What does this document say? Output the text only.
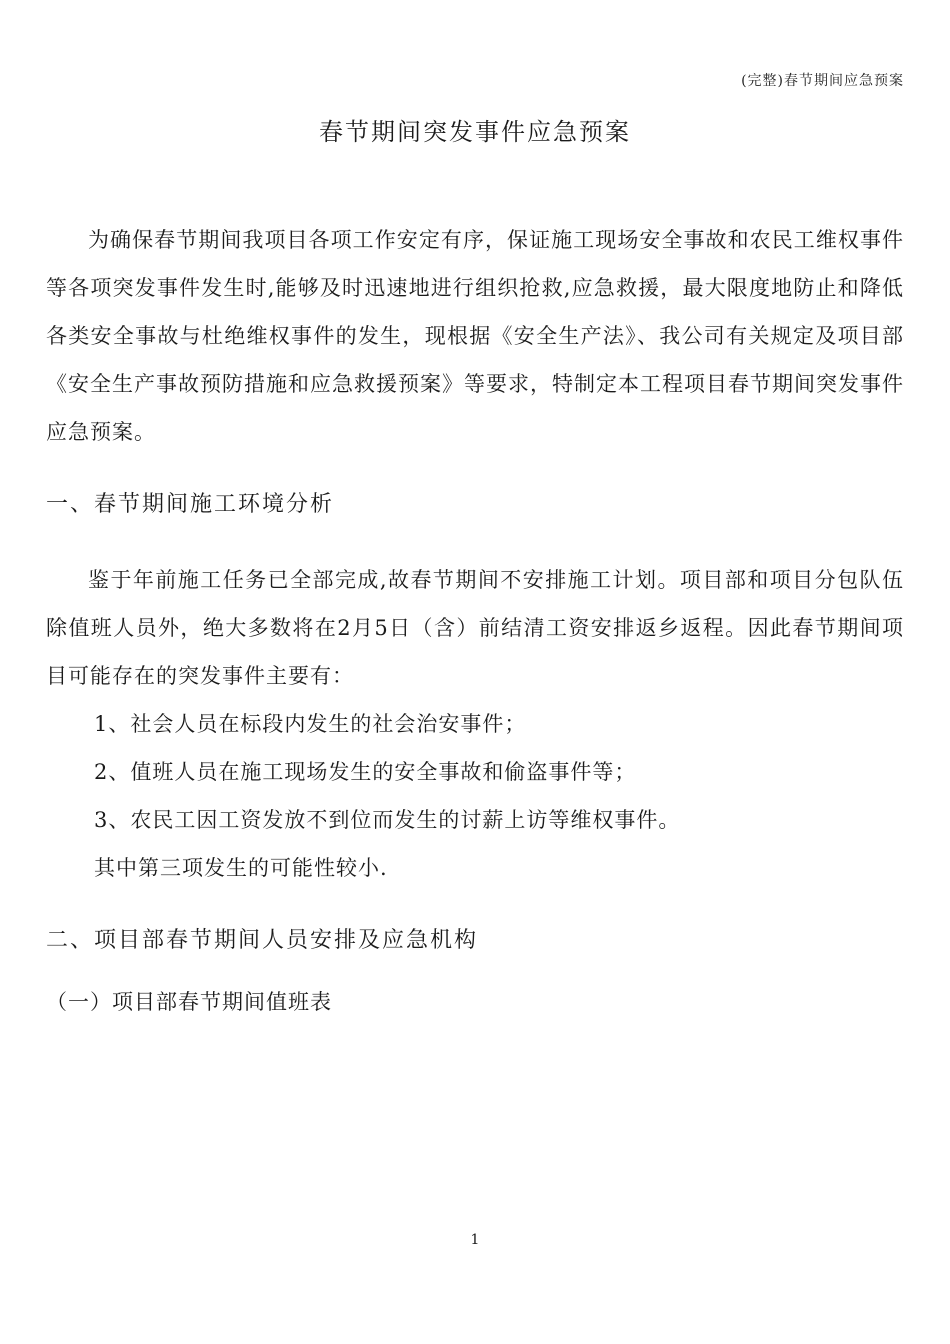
(完整)春节期间应急预案
春节期间突发事件应急预案

为确保春节期间我项目各项工作安定有序，保证施工现场安全事故和农民工维权事件等各项突发事件发生时,能够及时迅速地进行组织抢救,应急救援，最大限度地防止和降低各类安全事故与杜绝维权事件的发生，现根据《安全生产法》、我公司有关规定及项目部《安全生产事故预防措施和应急救援预案》等要求，特制定本工程项目春节期间突发事件应急预案。

一、春节期间施工环境分析

鉴于年前施工任务已全部完成,故春节期间不安排施工计划。项目部和项目分包队伍除值班人员外，绝大多数将在2月5日（含）前结清工资安排返乡返程。因此春节期间项目可能存在的突发事件主要有：

1、社会人员在标段内发生的社会治安事件；
2、值班人员在施工现场发生的安全事故和偷盗事件等；
3、农民工因工资发放不到位而发生的讨薪上访等维权事件。
其中第三项发生的可能性较小.
二、项目部春节期间人员安排及应急机构
（一）项目部春节期间值班表
1
